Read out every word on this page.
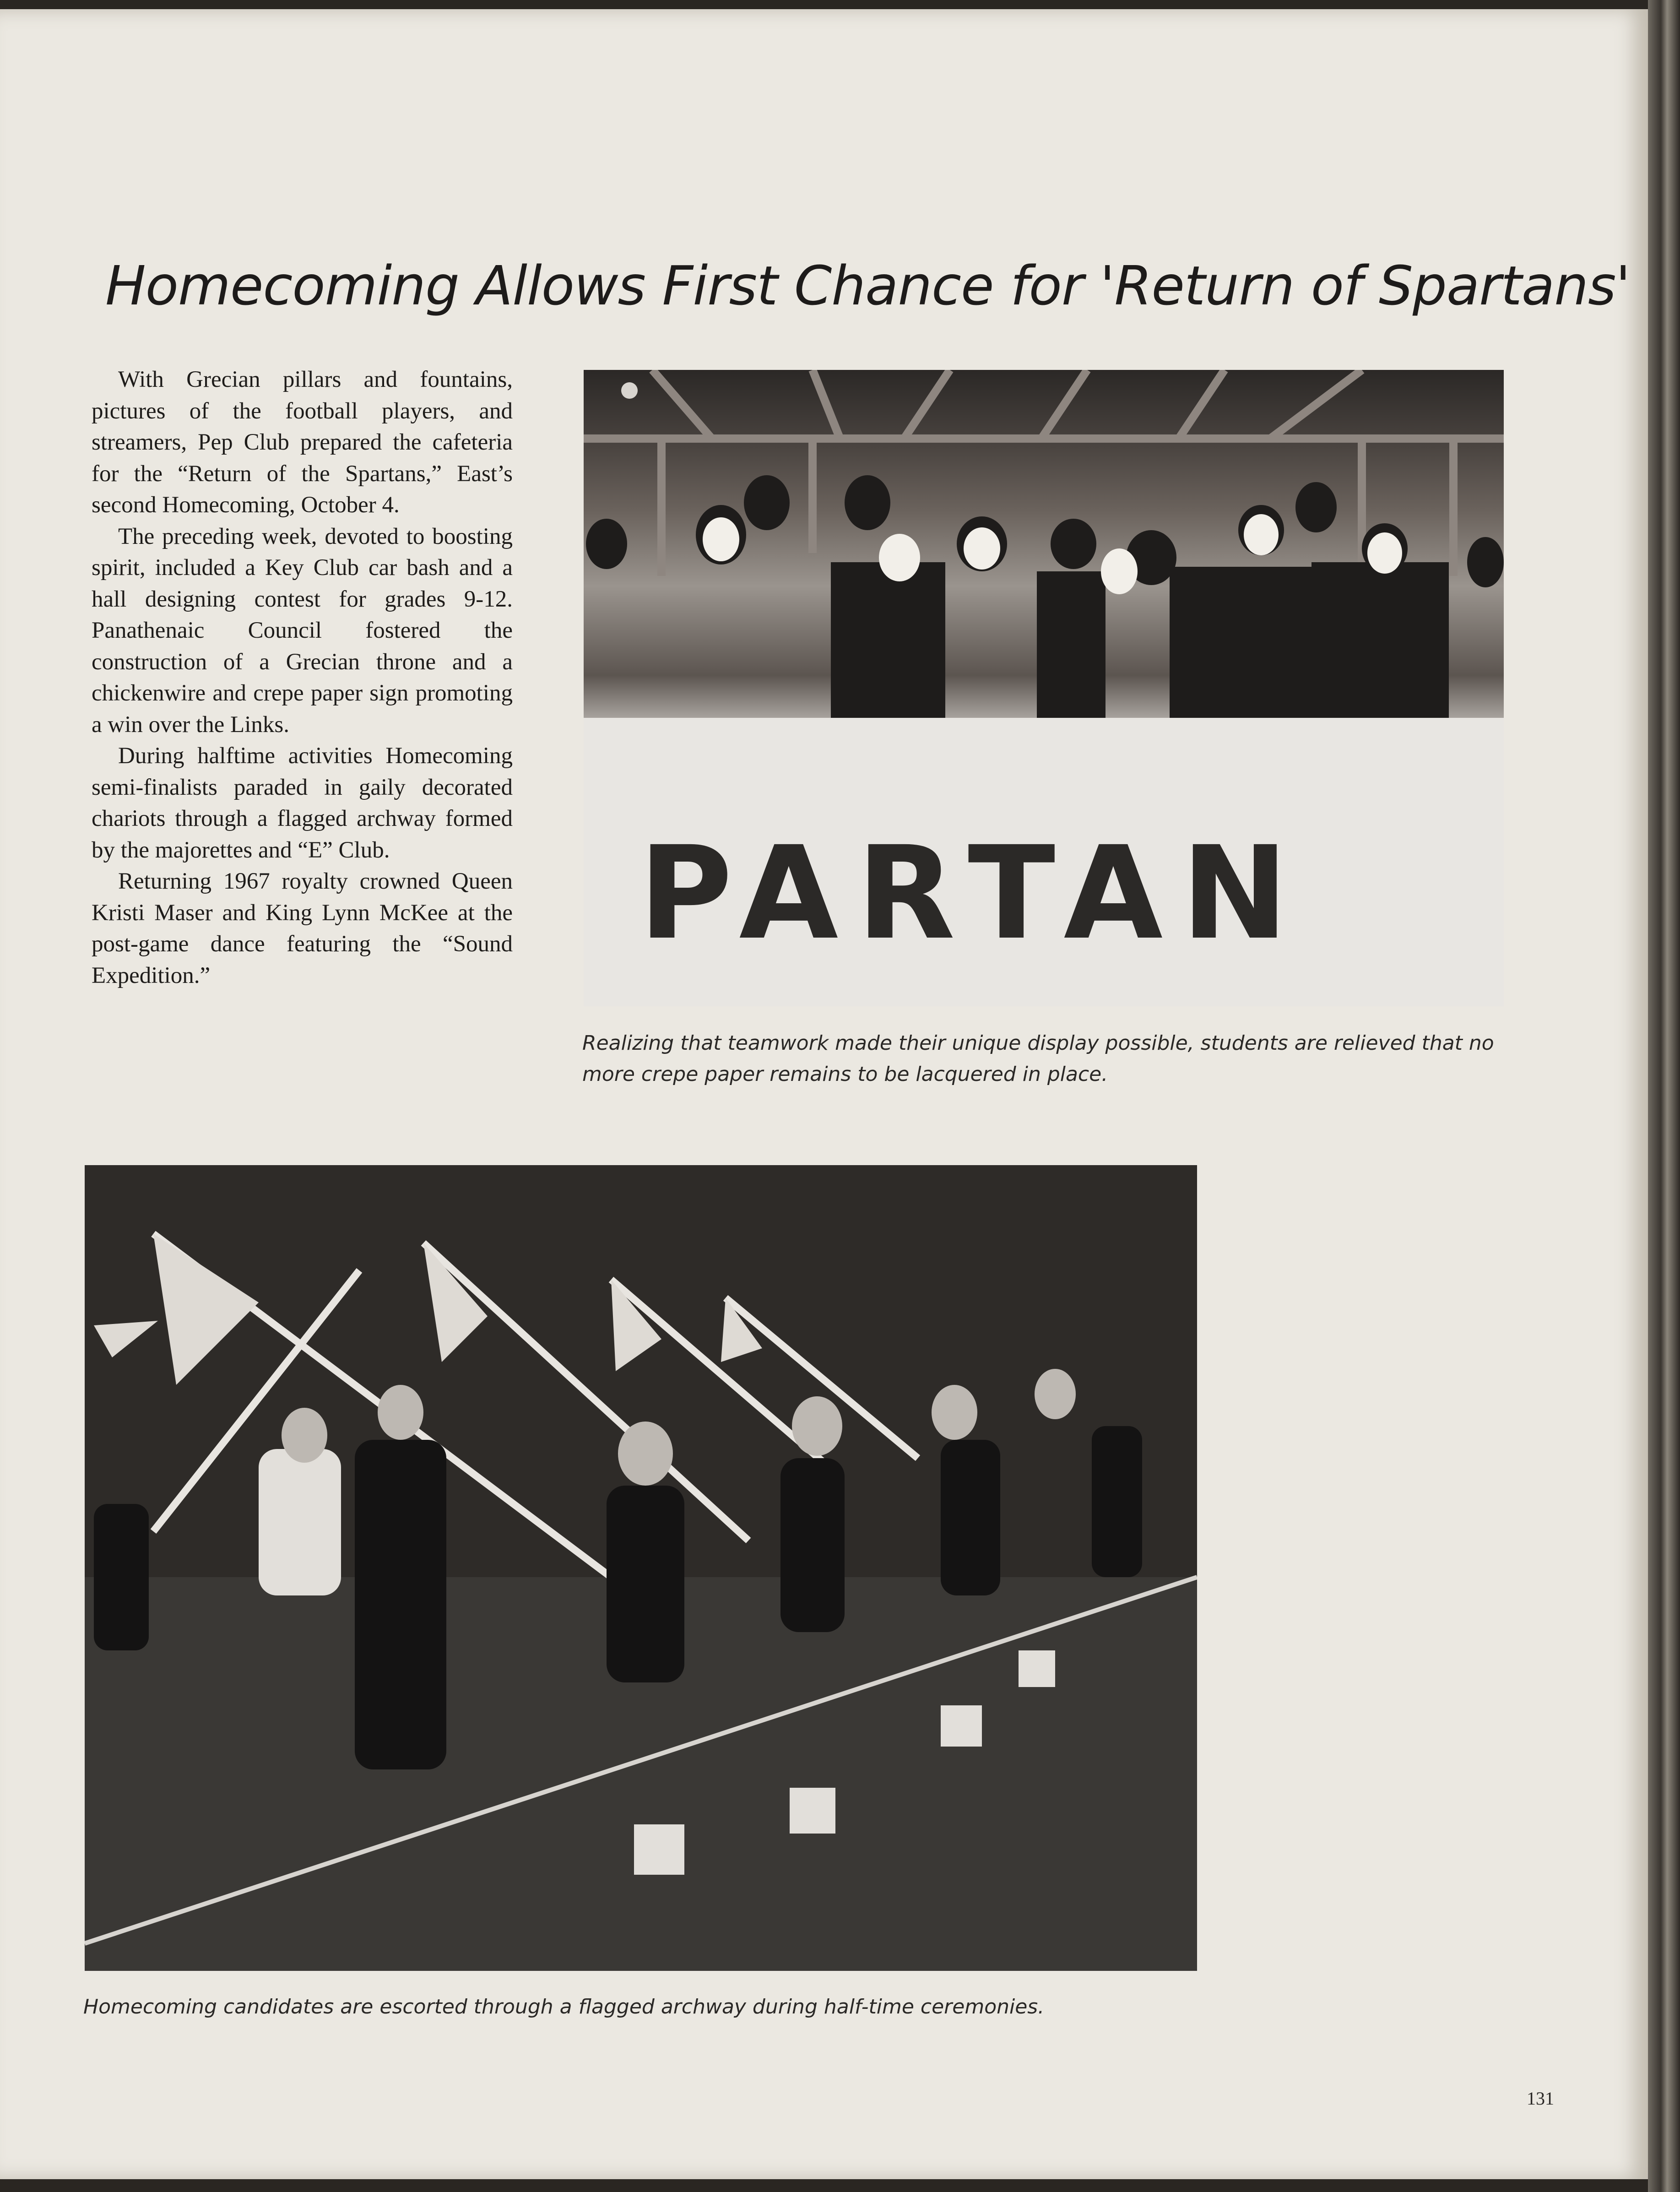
Homecoming Allows First Chance for 'Return of Spartans'

With Grecian pillars and fountains, pictures of the football players, and streamers, Pep Club prepared the cafeteria for the “Return of the Spartans,” East’s second Homecoming, October 4.

The preceding week, devoted to boosting spirit, included a Key Club car bash and a hall designing contest for grades 9-12. Panathenaic Council fostered the construction of a Grecian throne and a chickenwire and crepe paper sign promoting a win over the Links.

During halftime activities Homecoming semi-finalists paraded in gaily decorated chariots through a flagged archway formed by the majorettes and “E” Club.

Returning 1967 royalty crowned Queen Kristi Maser and King Lynn McKee at the post-game dance featuring the “Sound Expedition.”

PARTAN
Realizing that teamwork made their unique display possible, students are relieved that no more crepe paper remains to be lacquered in place.
Homecoming candidates are escorted through a flagged archway during half-time ceremonies.
131
